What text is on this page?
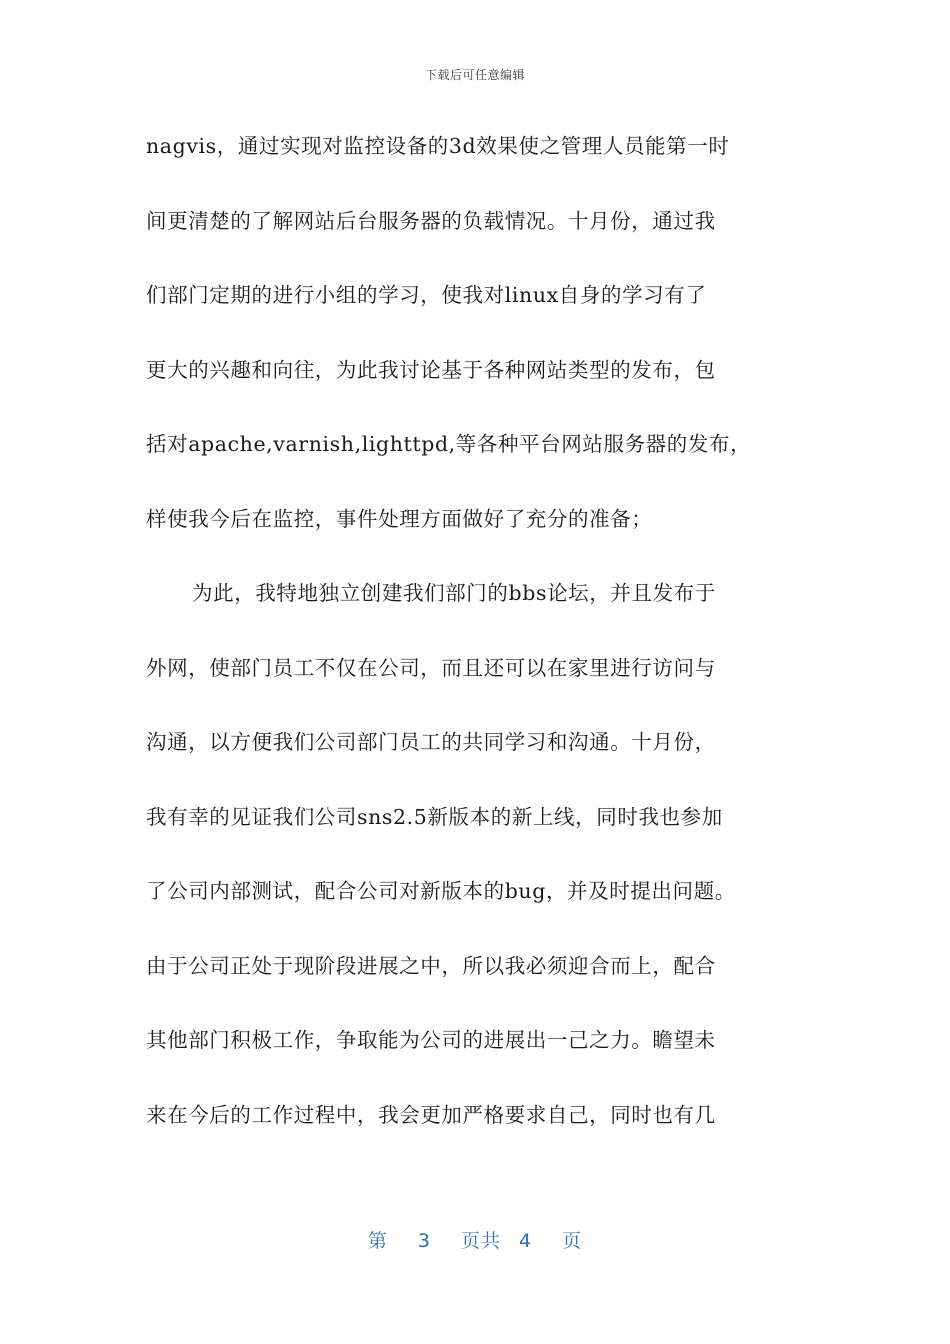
下载后可任意编辑
nagvis，通过实现对监控设备的3d效果使之管理人员能第一时
间更清楚的了解网站后台服务器的负载情况。十月份，通过我
们部门定期的进行小组的学习，使我对linux自身的学习有了
更大的兴趣和向往，为此我讨论基于各种网站类型的发布，包
括对apache,varnish,lighttpd,等各种平台网站服务器的发布，
样使我今后在监控，事件处理方面做好了充分的准备；
为此，我特地独立创建我们部门的bbs论坛，并且发布于
外网，使部门员工不仅在公司，而且还可以在家里进行访问与
沟通，以方便我们公司部门员工的共同学习和沟通。十月份，
我有幸的见证我们公司sns2.5新版本的新上线，同时我也参加
了公司内部测试，配合公司对新版本的bug，并及时提出问题。
由于公司正处于现阶段进展之中，所以我必须迎合而上，配合
其他部门积极工作，争取能为公司的进展出一己之力。瞻望未
来在今后的工作过程中，我会更加严格要求自己，同时也有几
第 3 页共 4 页
